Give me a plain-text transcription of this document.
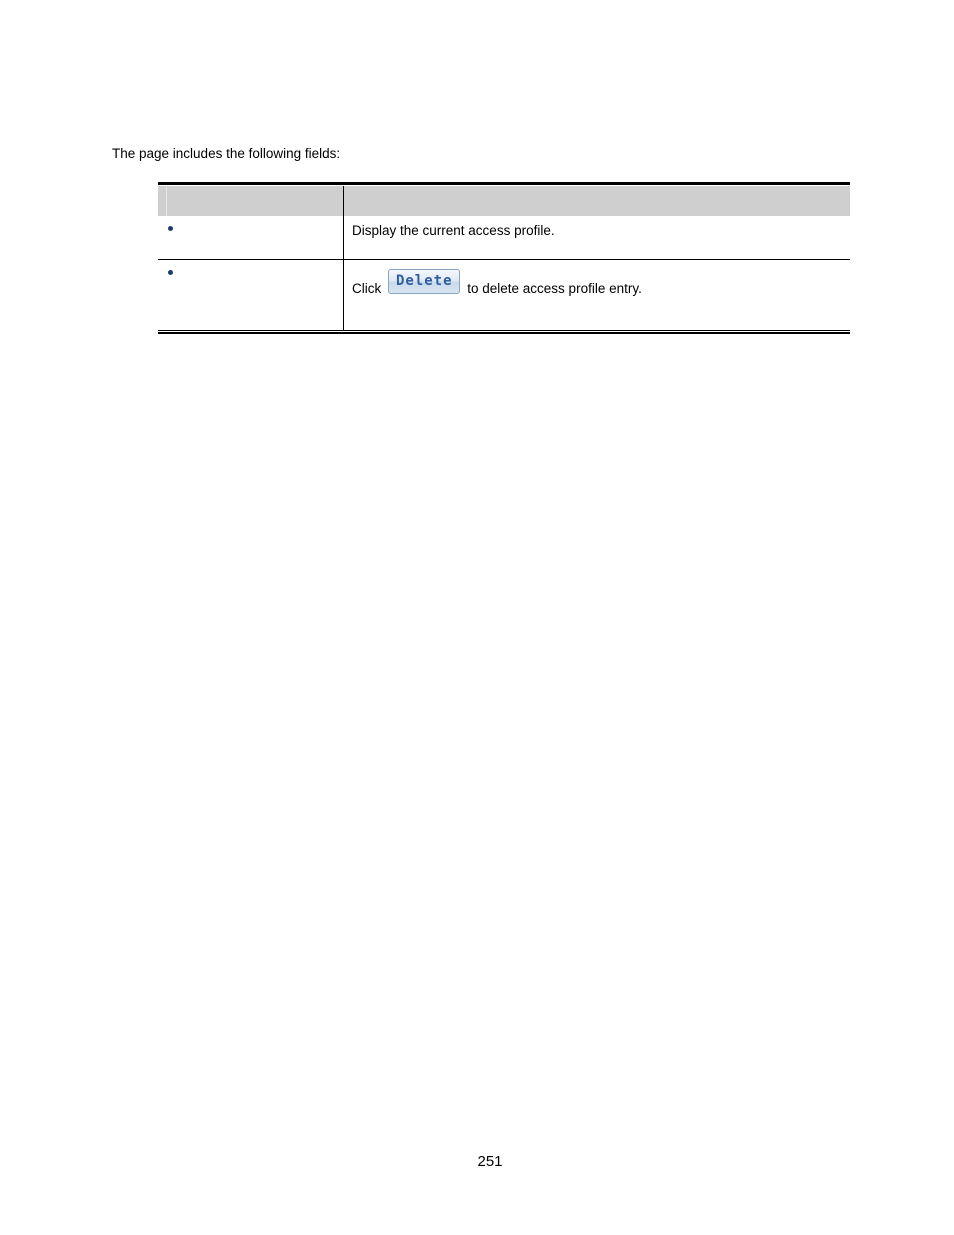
The page includes the following fields:
Display the current access profile.
Click	Delete	to delete access profile entry.
251
